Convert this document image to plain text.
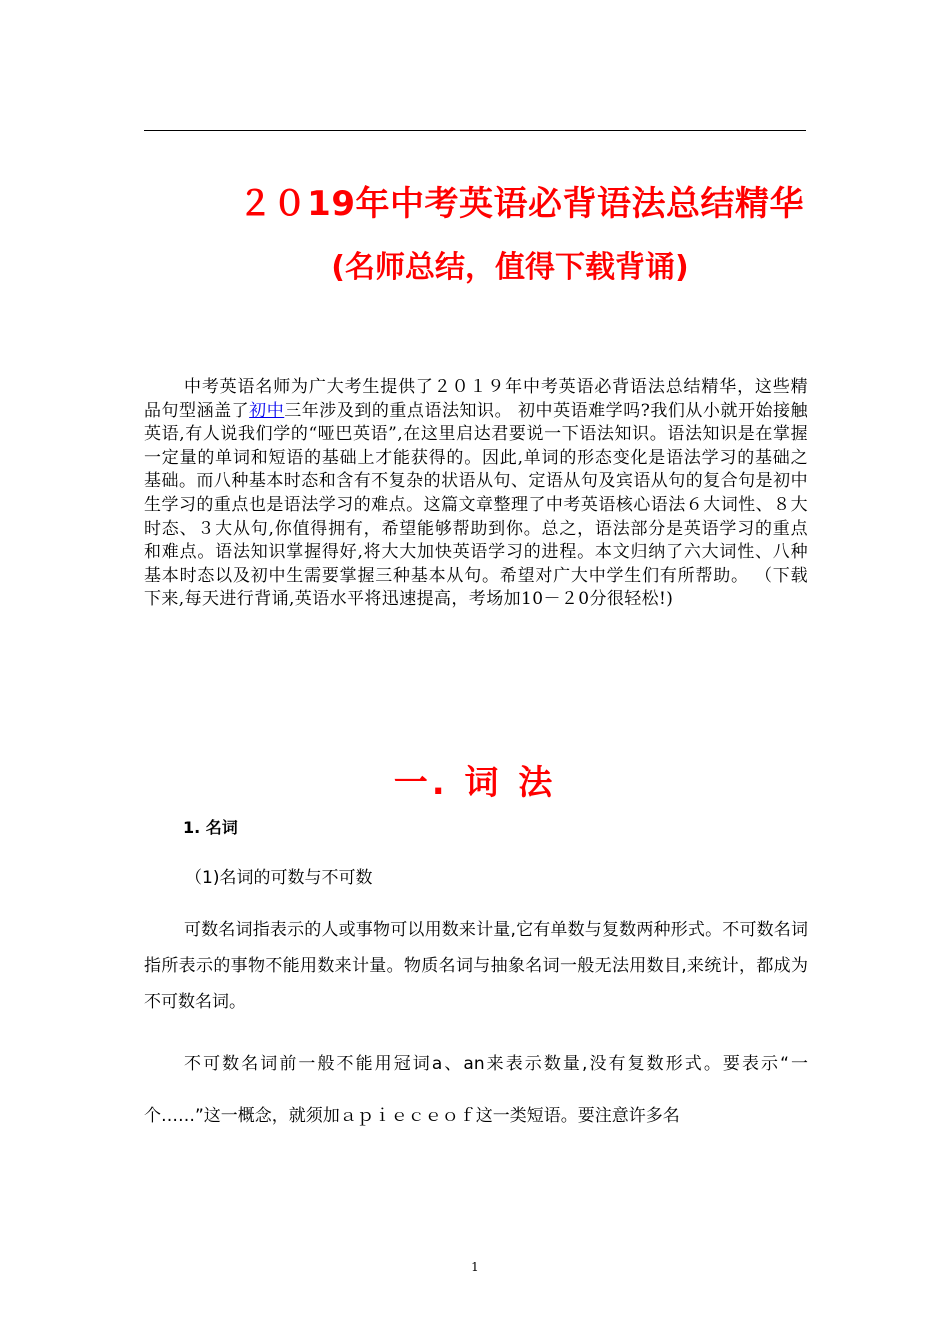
２０19年中考英语必背语法总结精华
(名师总结，值得下载背诵)

中考英语名师为广大考生提供了２０１９年中考英语必背语法总结精华，这些精品句型涵盖了初中三年涉及到的重点语法知识。 初中英语难学吗?我们从小就开始接触英语,有人说我们学的“哑巴英语”,在这里启达君要说一下语法知识。语法知识是在掌握一定量的单词和短语的基础上才能获得的。因此,单词的形态变化是语法学习的基础之基础。而八种基本时态和含有不复杂的状语从句、定语从句及宾语从句的复合句是初中生学习的重点也是语法学习的难点。这篇文章整理了中考英语核心语法６大词性、８大时态、３大从句,你值得拥有，希望能够帮助到你。总之，语法部分是英语学习的重点和难点。语法知识掌握得好,将大大加快英语学习的进程。本文归纳了六大词性、八种基本时态以及初中生需要掌握三种基本从句。希望对广大中学生们有所帮助。 （下载下来,每天进行背诵,英语水平将迅速提高，考场加10－２0分很轻松!)

一. 词 法
1. 名词

（1)名词的可数与不可数

可数名词指表示的人或事物可以用数来计量,它有单数与复数两种形式。不可数名词指所表示的事物不能用数来计量。物质名词与抽象名词一般无法用数目,来统计，都成为不可数名词。

不可数名词前一般不能用冠词a、an来表示数量,没有复数形式。要表示“一个……”这一概念，就须加ａｐｉｅｃｅｏｆ这一类短语。要注意许多名

1
